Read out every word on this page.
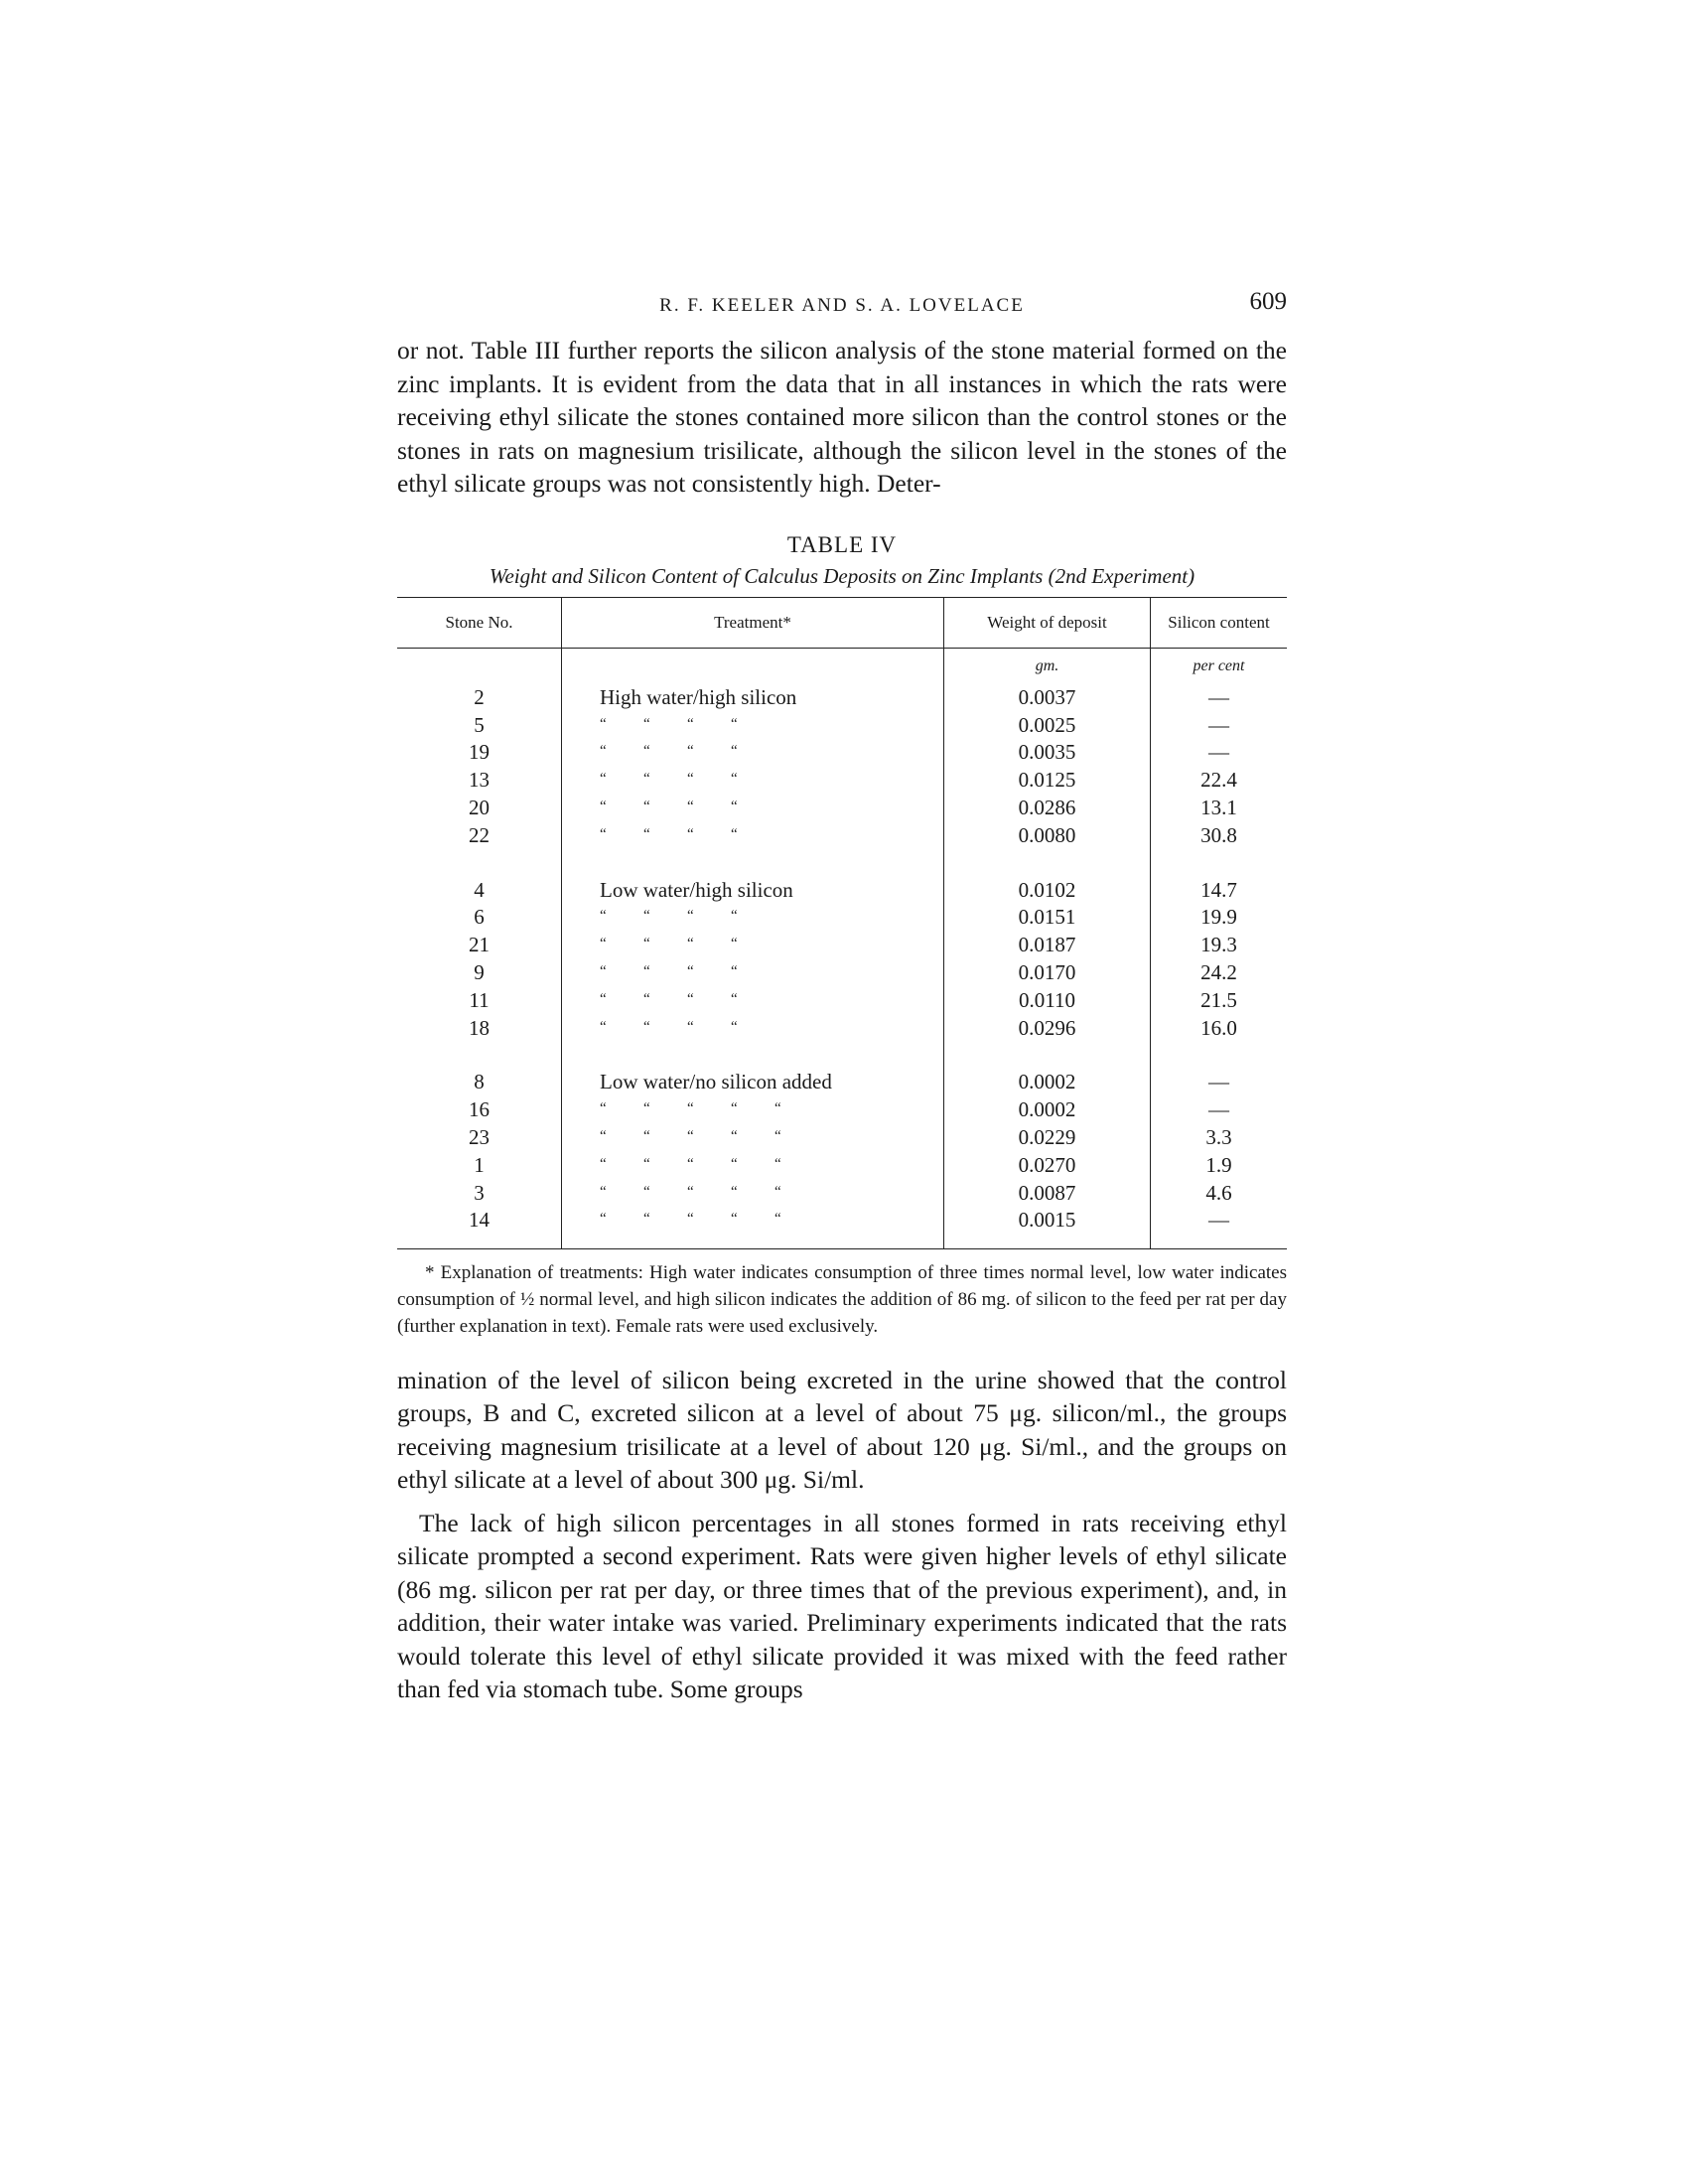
R. F. KEELER AND S. A. LOVELACE	609

or not. Table III further reports the silicon analysis of the stone material formed on the zinc implants. It is evident from the data that in all instances in which the rats were receiving ethyl silicate the stones contained more silicon than the control stones or the stones in rats on magnesium trisilicate, although the silicon level in the stones of the ethyl silicate groups was not consistently high. Deter-

TABLE IV
Weight and Silicon Content of Calculus Deposits on Zinc Implants (2nd Experiment)
Stone No.	Treatment*	Weight of deposit	Silicon content
		gm.	per cent
2	High water/high silicon	0.0037	—
5	“ “ “ “	0.0025	—
19	“ “ “ “	0.0035	—
13	“ “ “ “	0.0125	22.4
20	“ “ “ “	0.0286	13.1
22	“ “ “ “	0.0080	30.8

4	Low water/high silicon	0.0102	14.7
6	“ “ “ “	0.0151	19.9
21	“ “ “ “	0.0187	19.3
9	“ “ “ “	0.0170	24.2
11	“ “ “ “	0.0110	21.5
18	“ “ “ “	0.0296	16.0

8	Low water/no silicon added	0.0002	—
16	“ “ “ “ “	0.0002	—
23	“ “ “ “ “	0.0229	3.3
1	“ “ “ “ “	0.0270	1.9
3	“ “ “ “ “	0.0087	4.6
14	“ “ “ “ “	0.0015	—

* Explanation of treatments: High water indicates consumption of three times normal level, low water indicates consumption of ½ normal level, and high silicon indicates the addition of 86 mg. of silicon to the feed per rat per day (further explanation in text). Female rats were used exclusively.

mination of the level of silicon being excreted in the urine showed that the control groups, B and C, excreted silicon at a level of about 75 μg. silicon/ml., the groups receiving magnesium trisilicate at a level of about 120 μg. Si/ml., and the groups on ethyl silicate at a level of about 300 μg. Si/ml.

The lack of high silicon percentages in all stones formed in rats receiving ethyl silicate prompted a second experiment. Rats were given higher levels of ethyl silicate (86 mg. silicon per rat per day, or three times that of the previous experiment), and, in addition, their water intake was varied. Preliminary experiments indicated that the rats would tolerate this level of ethyl silicate provided it was mixed with the feed rather than fed via stomach tube. Some groups
